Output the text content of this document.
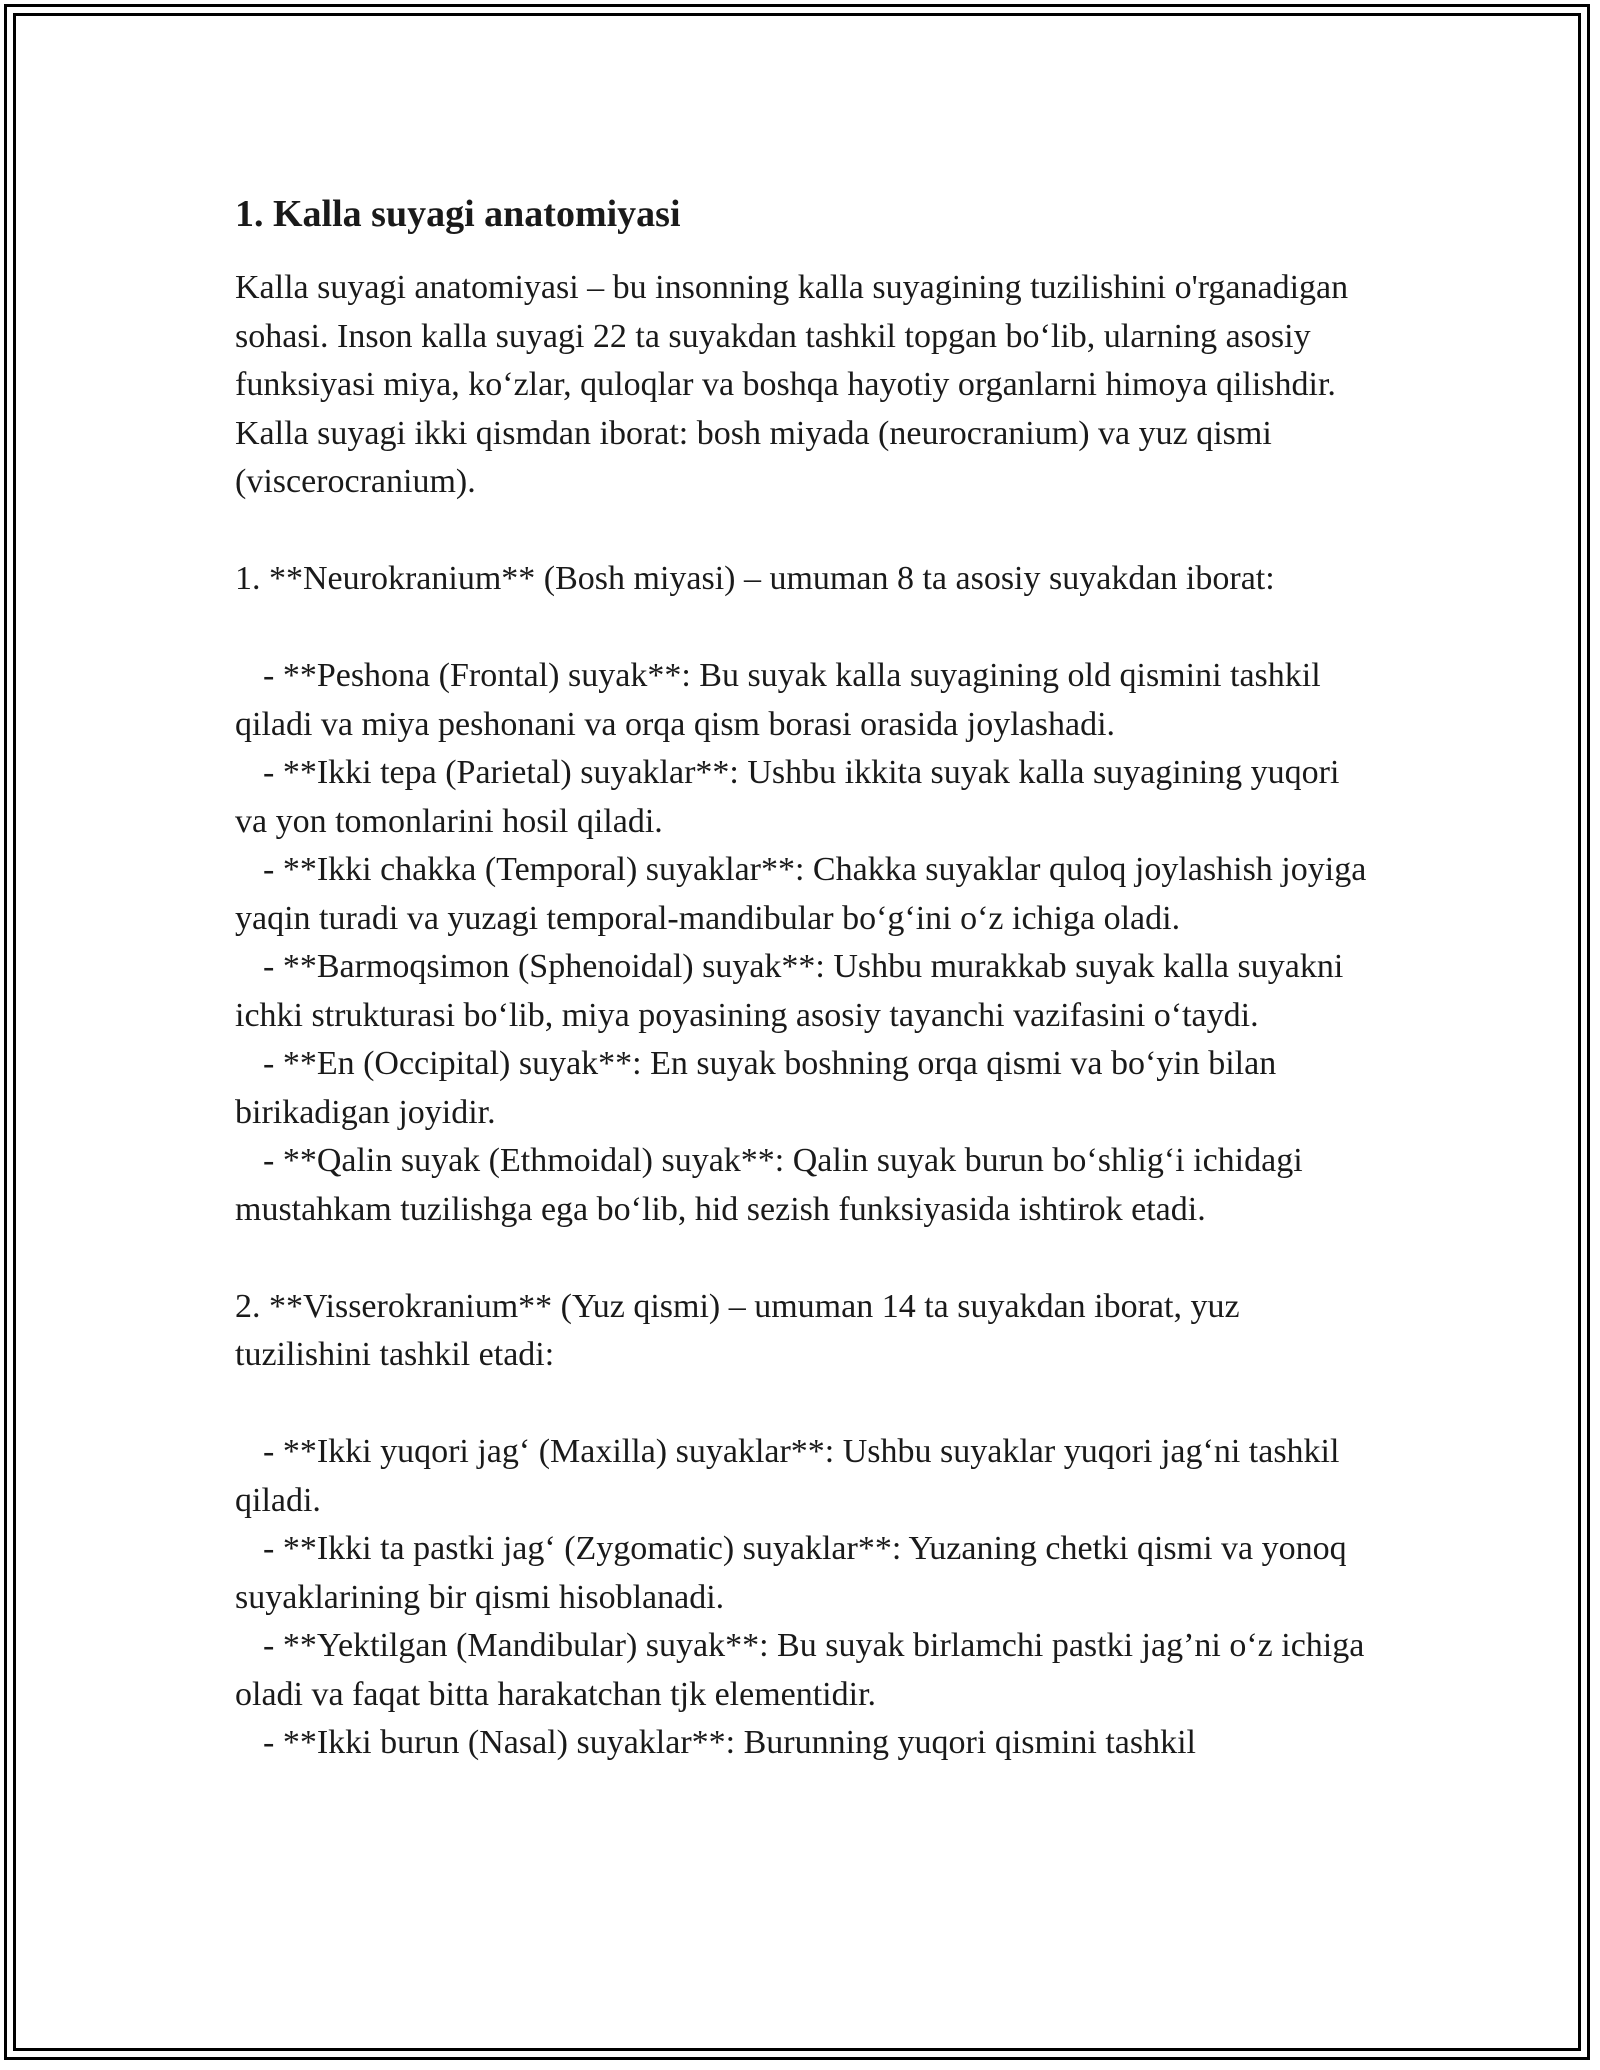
1. Kalla suyagi anatomiyasi

Kalla suyagi anatomiyasi – bu insonning kalla suyagining tuzilishini o'rganadigan sohasi. Inson kalla suyagi 22 ta suyakdan tashkil topgan bo‘lib, ularning asosiy funksiyasi miya, ko‘zlar, quloqlar va boshqa hayotiy organlarni himoya qilishdir. Kalla suyagi ikki qismdan iborat: bosh miyada (neurocranium) va yuz qismi (viscerocranium).

1. **Neurokranium** (Bosh miyasi) – umuman 8 ta asosiy suyakdan iborat:

- **Peshona (Frontal) suyak**: Bu suyak kalla suyagining old qismini tashkil qiladi va miya peshonani va orqa qism borasi orasida joylashadi.

- **Ikki tepa (Parietal) suyaklar**: Ushbu ikkita suyak kalla suyagining yuqori va yon tomonlarini hosil qiladi.

- **Ikki chakka (Temporal) suyaklar**: Chakka suyaklar quloq joylashish joyiga yaqin turadi va yuzagi temporal-mandibular bo‘g‘ini o‘z ichiga oladi.

- **Barmoqsimon (Sphenoidal) suyak**: Ushbu murakkab suyak kalla suyakni ichki strukturasi bo‘lib, miya poyasining asosiy tayanchi vazifasini o‘taydi.

- **En (Occipital) suyak**: En suyak boshning orqa qismi va bo‘yin bilan birikadigan joyidir.

- **Qalin suyak (Ethmoidal) suyak**: Qalin suyak burun bo‘shlig‘i ichidagi mustahkam tuzilishga ega bo‘lib, hid sezish funksiyasida ishtirok etadi.

2. **Visserokranium** (Yuz qismi) – umuman 14 ta suyakdan iborat, yuz tuzilishini tashkil etadi:

- **Ikki yuqori jag‘ (Maxilla) suyaklar**: Ushbu suyaklar yuqori jag‘ni tashkil qiladi.

- **Ikki ta pastki jag‘ (Zygomatic) suyaklar**: Yuzaning chetki qismi va yonoq suyaklarining bir qismi hisoblanadi.

- **Yektilgan (Mandibular) suyak**: Bu suyak birlamchi pastki jag’ni o‘z ichiga oladi va faqat bitta harakatchan tjk elementidir.

- **Ikki burun (Nasal) suyaklar**: Burunning yuqori qismini tashkil
